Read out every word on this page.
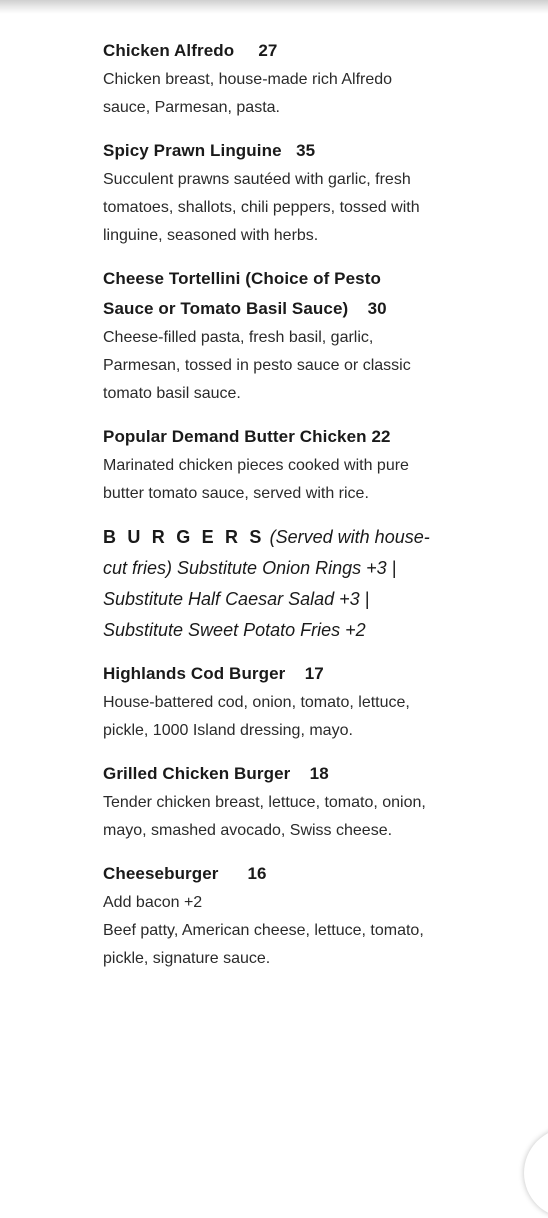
Chicken Alfredo 27
Chicken breast, house-made rich Alfredo sauce, Parmesan, pasta.
Spicy Prawn Linguine 35
Succulent prawns sautéed with garlic, fresh tomatoes, shallots, chili peppers, tossed with linguine, seasoned with herbs.
Cheese Tortellini (Choice of Pesto Sauce or Tomato Basil Sauce) 30
Cheese-filled pasta, fresh basil, garlic, Parmesan, tossed in pesto sauce or classic tomato basil sauce.
Popular Demand Butter Chicken 22
Marinated chicken pieces cooked with pure butter tomato sauce, served with rice.
B U R G E R S (Served with house-cut fries) Substitute Onion Rings +3 | Substitute Half Caesar Salad +3 | Substitute Sweet Potato Fries +2
Highlands Cod Burger 17
House-battered cod, onion, tomato, lettuce, pickle, 1000 Island dressing, mayo.
Grilled Chicken Burger 18
Tender chicken breast, lettuce, tomato, onion, mayo, smashed avocado, Swiss cheese.
Cheeseburger 16
Add bacon +2
Beef patty, American cheese, lettuce, tomato, pickle, signature sauce.
